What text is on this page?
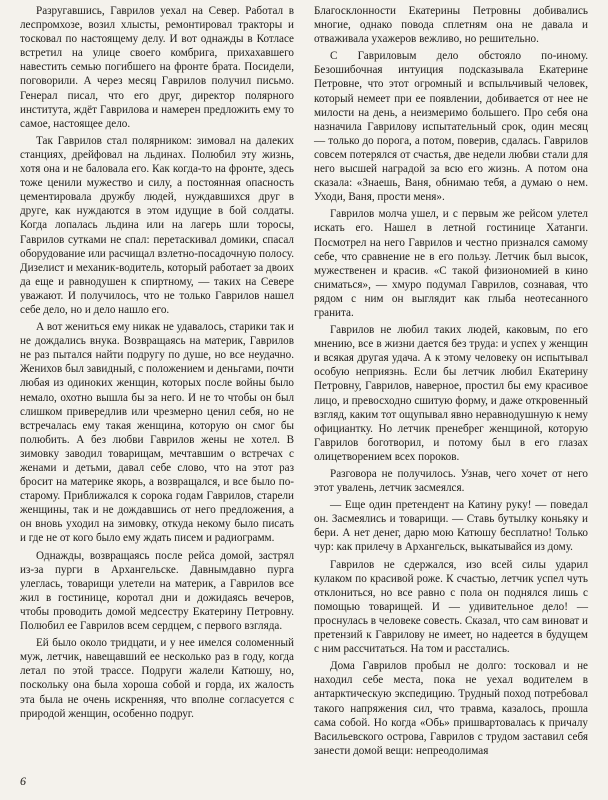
Разругавшись, Гаврилов уехал на Север. Работал в леспромхозе, возил хлысты, ремонтировал тракторы и тосковал по настоящему делу. И вот однажды в Котласе встретил на улице своего комбрига, прихахавшего навестить семью погибшего на фронте брата. Посидели, поговорили. А через месяц Гаврилов получил письмо. Генерал писал, что его друг, директор полярного института, ждёт Гаврилова и намерен предложить ему то самое, настоящее дело.

Так Гаврилов стал полярником: зимовал на далеких станциях, дрейфовал на льдинах. Полюбил эту жизнь, хотя она и не баловала его. Как когда-то на фронте, здесь тоже ценили мужество и силу, а постоянная опасность цементировала дружбу людей, нуждавшихся друг в друге, как нуждаются в этом идущие в бой солдаты. Когда лопалась льдина или на лагерь шли торосы, Гаврилов сутками не спал: перетаскивал домики, спасал оборудование или расчищал взлетно-посадочную полосу. Дизелист и механик-водитель, который работает за двоих да еще и равнодушен к спиртному, — таких на Севере уважают. И получилось, что не только Гаврилов нашел себе дело, но и дело нашло его.

А вот жениться ему никак не удавалось, старики так и не дождались внука. Возвращаясь на материк, Гаврилов не раз пытался найти подругу по душе, но все неудачно. Женихов был завидный, с положением и деньгами, почти любая из одиноких женщин, которых после войны было немало, охотно вышла бы за него. И не то чтобы он был слишком привередлив или чрезмерно ценил себя, но не встречалась ему такая женщина, которую он смог бы полюбить. А без любви Гаврилов жены не хотел. В зимовку заводил товарищам, мечтавшим о встречах с женами и детьми, давал себе слово, что на этот раз бросит на материке якорь, а возвращался, и все было по-старому. Приближался к сорока годам Гаврилов, старели женщины, так и не дождавшись от него предложения, а он вновь уходил на зимовку, откуда некому было писать и где не от кого было ему ждать писем и радиограмм.

Однажды, возвращаясь после рейса домой, застрял из-за пурги в Архангельске. Давнымдавно пурга улеглась, товарищи улетели на материк, а Гаврилов все жил в гостинице, коротал дни и дожидаясь вечеров, чтобы проводить домой медсестру Екатерину Петровну. Полюбил ее Гаврилов всем сердцем, с первого взгляда.

Ей было около тридцати, и у нее имелся соломенный муж, летчик, навещавший ее несколько раз в году, когда летал по этой трассе. Подруги жалели Катюшу, но, поскольку она была хороша собой и горда, их жалость эта была не очень искренняя, что вполне согласуется с природой женщин, особенно подруг.

Благосклонности Екатерины Петровны добивались многие, однако повода сплетням она не давала и отваживала ухажеров вежливо, но решительно.

С Гавриловым дело обстояло по-иному. Безошибочная интуиция подсказывала Екатерине Петровне, что этот огромный и вспыльчивый человек, который немеет при ее появлении, добивается от нее не милости на день, а неизмеримо большего. Про себя она назначила Гаврилову испытательный срок, один месяц — только до порога, а потом, поверив, сдалась. Гаврилов совсем потерялся от счастья, две недели любви стали для него высшей наградой за всю его жизнь. А потом она сказала: «Знаешь, Ваня, обнимаю тебя, а думаю о нем. Уходи, Ваня, прости меня».

Гаврилов молча ушел, и с первым же рейсом улетел искать его. Нашел в летной гостинице Хатанги. Посмотрел на него Гаврилов и честно признался самому себе, что сравнение не в его пользу. Летчик был высок, мужественен и красив. «С такой физиономией в кино сниматься», — хмуро подумал Гаврилов, сознавая, что рядом с ним он выглядит как глыба неотесанного гранита.

Гаврилов не любил таких людей, каковым, по его мнению, все в жизни дается без труда: и успех у женщин и всякая другая удача. А к этому человеку он испытывал особую неприязнь. Если бы летчик любил Екатерину Петровну, Гаврилов, наверное, простил бы ему красивое лицо, и превосходно сшитую форму, и даже откровенный взгляд, каким тот ощупывал явно неравнодушную к нему официантку. Но летчик пренебрег женщиной, которую Гаврилов боготворил, и потому был в его глазах олицетворением всех пороков.

Разговора не получилось. Узнав, чего хочет от него этот увалень, летчик засмеялся.

— Еще один претендент на Катину руку! — поведал он. Засмеялись и товарищи. — Ставь бутылку коньяку и бери. А нет денег, дарю мою Катюшу бесплатно! Только чур: как прилечу в Архангельск, выкатывайся из дому.

Гаврилов не сдержался, изо всей силы ударил кулаком по красивой роже. К счастью, летчик успел чуть отклониться, но все равно с пола он поднялся лишь с помощью товарищей. И — удивительное дело! — проснулась в человеке совесть. Сказал, что сам виноват и претензий к Гаврилову не имеет, но надеется в будущем с ним рассчитаться. На том и расстались.

Дома Гаврилов пробыл не долго: тосковал и не находил себе места, пока не уехал водителем в антарктическую экспедицию. Трудный поход потребовал такого напряжения сил, что травма, казалось, прошла сама собой. Но когда «Обь» пришвартовалась к причалу Васильевского острова, Гаврилов с трудом заставил себя занести домой вещи: непреодолимая

6
